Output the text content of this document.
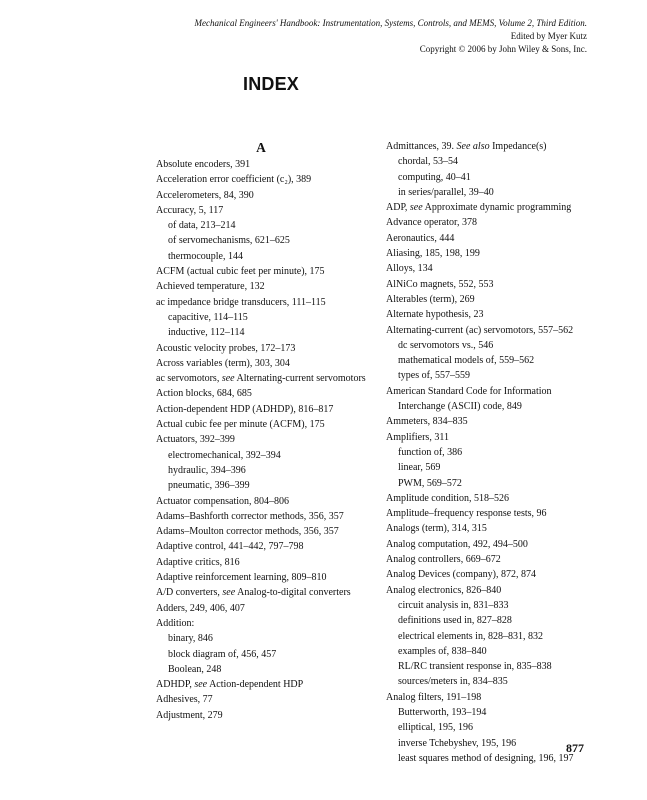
Mechanical Engineers' Handbook: Instrumentation, Systems, Controls, and MEMS, Volume 2, Third Edition.
Edited by Myer Kutz
Copyright © 2006 by John Wiley & Sons, Inc.
INDEX
A
Absolute encoders, 391
Acceleration error coefficient (c₂), 389
Accelerometers, 84, 390
Accuracy, 5, 117
of data, 213–214
of servomechanisms, 621–625
thermocouple, 144
ACFM (actual cubic feet per minute), 175
Achieved temperature, 132
ac impedance bridge transducers, 111–115
capacitive, 114–115
inductive, 112–114
Acoustic velocity probes, 172–173
Across variables (term), 303, 304
ac servomotors, see Alternating-current servomotors
Action blocks, 684, 685
Action-dependent HDP (ADHDP), 816–817
Actual cubic fee per minute (ACFM), 175
Actuators, 392–399
electromechanical, 392–394
hydraulic, 394–396
pneumatic, 396–399
Actuator compensation, 804–806
Adams–Bashforth corrector methods, 356, 357
Adams–Moulton corrector methods, 356, 357
Adaptive control, 441–442, 797–798
Adaptive critics, 816
Adaptive reinforcement learning, 809–810
A/D converters, see Analog-to-digital converters
Adders, 249, 406, 407
Addition:
binary, 846
block diagram of, 456, 457
Boolean, 248
ADHDP, see Action-dependent HDP
Adhesives, 77
Adjustment, 279
Admittances, 39. See also Impedance(s)
chordal, 53–54
computing, 40–41
in series/parallel, 39–40
ADP, see Approximate dynamic programming
Advance operator, 378
Aeronautics, 444
Aliasing, 185, 198, 199
Alloys, 134
AlNiCo magnets, 552, 553
Alterables (term), 269
Alternate hypothesis, 23
Alternating-current (ac) servomotors, 557–562
dc servomotors vs., 546
mathematical models of, 559–562
types of, 557–559
American Standard Code for Information Interchange (ASCII) code, 849
Ammeters, 834–835
Amplifiers, 311
function of, 386
linear, 569
PWM, 569–572
Amplitude condition, 518–526
Amplitude–frequency response tests, 96
Analogs (term), 314, 315
Analog computation, 492, 494–500
Analog controllers, 669–672
Analog Devices (company), 872, 874
Analog electronics, 826–840
circuit analysis in, 831–833
definitions used in, 827–828
electrical elements in, 828–831, 832
examples of, 838–840
RL/RC transient response in, 835–838
sources/meters in, 834–835
Analog filters, 191–198
Butterworth, 193–194
elliptical, 195, 196
inverse Tchebyshev, 195, 196
least squares method of designing, 196, 197
877
